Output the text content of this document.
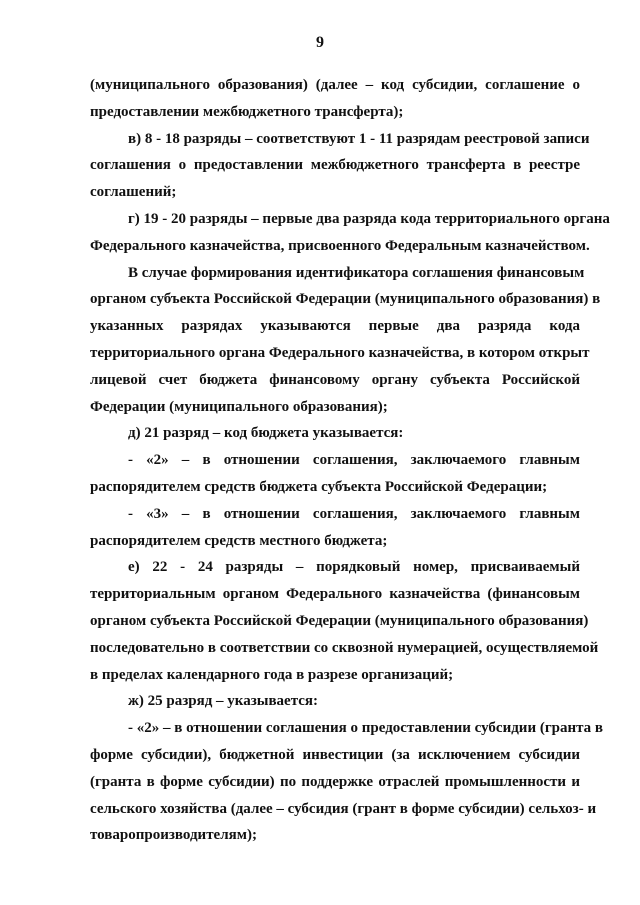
9
(муниципального образования) (далее – код субсидии, соглашение о
предоставлении межбюджетного трансферта);
в) 8 - 18 разряды – соответствуют 1 - 11 разрядам реестровой записи
соглашения о предоставлении межбюджетного трансферта в реестре
соглашений;
г) 19 - 20 разряды – первые два разряда кода территориального органа
Федерального казначейства, присвоенного Федеральным казначейством.
В случае формирования идентификатора соглашения финансовым
органом субъекта Российской Федерации (муниципального образования) в
указанных разрядах указываются первые два разряда кода
территориального органа Федерального казначейства, в котором открыт
лицевой счет бюджета финансовому органу субъекта Российской
Федерации (муниципального образования);
д) 21 разряд – код бюджета указывается:
- «2» – в отношении соглашения, заключаемого главным
распорядителем средств бюджета субъекта Российской Федерации;
- «3» – в отношении соглашения, заключаемого главным
распорядителем средств местного бюджета;
е) 22 - 24 разряды – порядковый номер, присваиваемый
территориальным органом Федерального казначейства (финансовым
органом субъекта Российской Федерации (муниципального образования)
последовательно в соответствии со сквозной нумерацией, осуществляемой
в пределах календарного года в разрезе организаций;
ж) 25 разряд – указывается:
- «2» – в отношении соглашения о предоставлении субсидии (гранта в
форме субсидии), бюджетной инвестиции (за исключением субсидии
(гранта в форме субсидии) по поддержке отраслей промышленности и
сельского хозяйства (далее – субсидия (грант в форме субсидии) сельхоз- и
товаропроизводителям);
